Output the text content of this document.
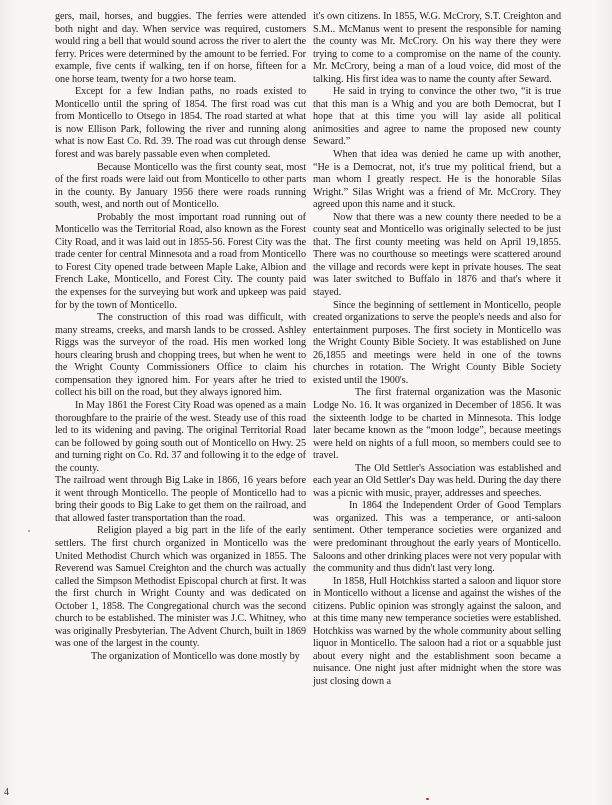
gers, mail, horses, and buggies. The ferries were attended both night and day. When service was required, customers would ring a bell that would sound across the river to alert the ferry. Prices were determined by the amount to be ferried. For example, five cents if walking, ten if on horse, fifteen for a one horse team, twenty for a two horse team.

Except for a few Indian paths, no roads existed to Monticello until the spring of 1854. The first road was cut from Monticello to Otsego in 1854. The road started at what is now Ellison Park, following the river and running along what is now East Co. Rd. 39. The road was cut through dense forest and was barely passable even when completed.

Because Monticello was the first county seat, most of the first roads were laid out from Monticello to other parts in the county. By January 1956 there were roads running south, west, and north out of Monticello.

Probably the most important road running out of Monticello was the Territorial Road, also known as the Forest City Road, and it was laid out in 1855-56. Forest City was the trade center for central Minnesota and a road from Monticello to Forest City opened trade between Maple Lake, Albion and French Lake, Monticello, and Forest City. The county paid the expenses for the surveying but work and upkeep was paid for by the town of Monticello.

The construction of this road was difficult, with many streams, creeks, and marsh lands to be crossed. Ashley Riggs was the surveyor of the road. His men worked long hours clearing brush and chopping trees, but when he went to the Wright County Commissioners Office to claim his compensation they ignored him. For years after he tried to collect his bill on the road, but they always ignored him.

In May 1861 the Forest City Road was opened as a main thoroughfare to the prairie of the west. Steady use of this road led to its widening and paving. The original Territorial Road can be followed by going south out of Monticello on Hwy. 25 and turning right on Co. Rd. 37 and following it to the edge of the county.

The railroad went through Big Lake in 1866, 16 years before it went through Monticello. The people of Monticello had to bring their goods to Big Lake to get them on the railroad, and that allowed faster transportation than the road.

Religion played a big part in the life of the early settlers. The first church organized in Monticello was the United Methodist Church which was organized in 1855. The Reverend was Samuel Creighton and the church was actually called the Simpson Methodist Episcopal church at first. It was the first church in Wright County and was dedicated on October 1, 1858. The Congregational church was the second church to be established. The minister was J.C. Whitney, who was originally Presbyterian. The Advent Church, built in 1869 was one of the largest in the county.

The organization of Monticello was done mostly by

it's own citizens. In 1855, W.G. McCrory, S.T. Creighton and S.M.. McManus went to present the responsible for naming the county was Mr. McCrory. On his way there they were trying to come to a compromise on the name of the county. Mr. McCrory, being a man of a loud voice, did most of the talking. His first idea was to name the county after Seward.

He said in trying to convince the other two, “it is true that this man is a Whig and you are both Democrat, but I hope that at this time you will lay aside all political animosities and agree to name the proposed new county Seward.”

When that idea was denied he came up with another, “He is a Democrat, not, it's true my political friend, but a man whom I greatly respect. He is the honorable Silas Wright.” Silas Wright was a friend of Mr. McCrory. They agreed upon this name and it stuck.

Now that there was a new county there needed to be a county seat and Monticello was originally selected to be just that. The first county meeting was held on April 19,1855. There was no courthouse so meetings were scattered around the village and records were kept in private houses. The seat was later switched to Buffalo in 1876 and that's where it stayed.

Since the beginning of settlement in Monticello, people created organizations to serve the people's needs and also for entertainment purposes. The first society in Monticello was the Wright County Bible Society. It was established on June 26,1855 and meetings were held in one of the towns churches in rotation. The Wright County Bible Society existed until the 1900's.

The first fraternal organization was the Masonic Lodge No. 16. It was organized in December of 1856. It was the sixteenth lodge to be charted in Minnesota. This lodge later became known as the “moon lodge”, because meetings were held on nights of a full moon, so members could see to travel.

The Old Settler's Association was established and each year an Old Settler's Day was held. During the day there was a picnic with music, prayer, addresses and speeches.

In 1864 the Independent Order of Good Templars was organized. This was a temperance, or anti-saloon sentiment. Other temperance societies were organized and were predominant throughout the early years of Monticello. Saloons and other drinking places were not very popular with the community and thus didn't last very long.

In 1858, Hull Hotchkiss started a saloon and liquor store in Monticello without a license and against the wishes of the citizens. Public opinion was strongly against the saloon, and at this time many new temperance societies were established. Hotchkiss was warned by the whole community about selling liquor in Monticello. The saloon had a riot or a squabble just about every night and the establishment soon became a nuisance. One night just after midnight when the store was just closing down a

4
